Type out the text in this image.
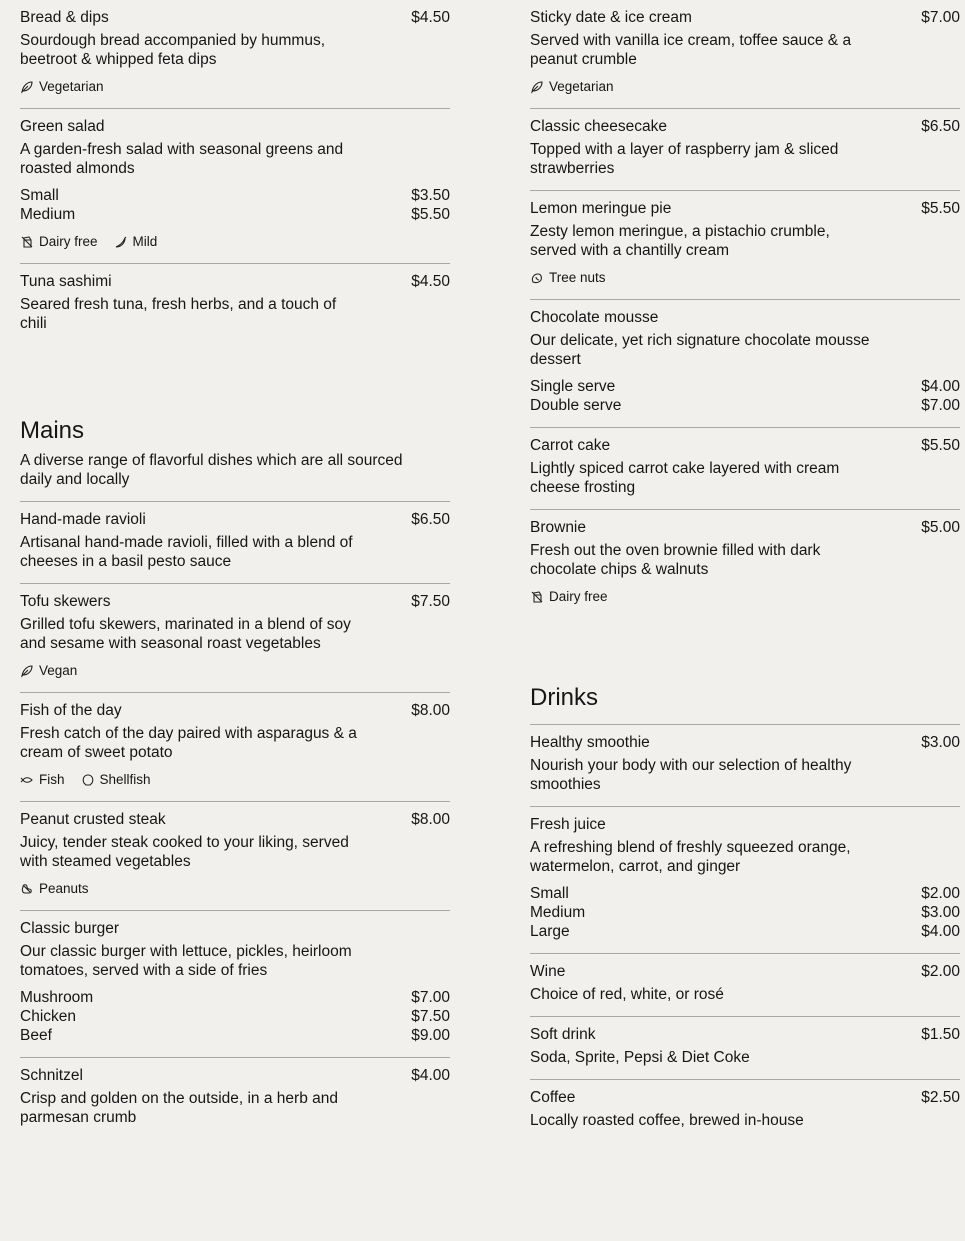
Bread & dips	$4.50
Sourdough bread accompanied by hummus, beetroot & whipped feta dips
Vegetarian
Green salad
A garden-fresh salad with seasonal greens and roasted almonds
Small	$3.50
Medium	$5.50
Dairy free	Mild
Tuna sashimi	$4.50
Seared fresh tuna, fresh herbs, and a touch of chili
Mains
A diverse range of flavorful dishes which are all sourced daily and locally
Hand-made ravioli	$6.50
Artisanal hand-made ravioli, filled with a blend of cheeses in a basil pesto sauce
Tofu skewers	$7.50
Grilled tofu skewers, marinated in a blend of soy and sesame with seasonal roast vegetables
Vegan
Fish of the day	$8.00
Fresh catch of the day paired with asparagus & a cream of sweet potato
Fish	Shellfish
Peanut crusted steak	$8.00
Juicy, tender steak cooked to your liking, served with steamed vegetables
Peanuts
Classic burger
Our classic burger with lettuce, pickles, heirloom tomatoes, served with a side of fries
Mushroom	$7.00
Chicken	$7.50
Beef	$9.00
Schnitzel	$4.00
Crisp and golden on the outside, in a herb and parmesan crumb
Sticky date & ice cream	$7.00
Served with vanilla ice cream, toffee sauce & a peanut crumble
Vegetarian
Classic cheesecake	$6.50
Topped with a layer of raspberry jam & sliced strawberries
Lemon meringue pie	$5.50
Zesty lemon meringue, a pistachio crumble, served with a chantilly cream
Tree nuts
Chocolate mousse
Our delicate, yet rich signature chocolate mousse dessert
Single serve	$4.00
Double serve	$7.00
Carrot cake	$5.50
Lightly spiced carrot cake layered with cream cheese frosting
Brownie	$5.00
Fresh out the oven brownie filled with dark chocolate chips & walnuts
Dairy free
Drinks
Healthy smoothie	$3.00
Nourish your body with our selection of healthy smoothies
Fresh juice
A refreshing blend of freshly squeezed orange, watermelon, carrot, and ginger
Small	$2.00
Medium	$3.00
Large	$4.00
Wine	$2.00
Choice of red, white, or rosé
Soft drink	$1.50
Soda, Sprite, Pepsi & Diet Coke
Coffee	$2.50
Locally roasted coffee, brewed in-house
